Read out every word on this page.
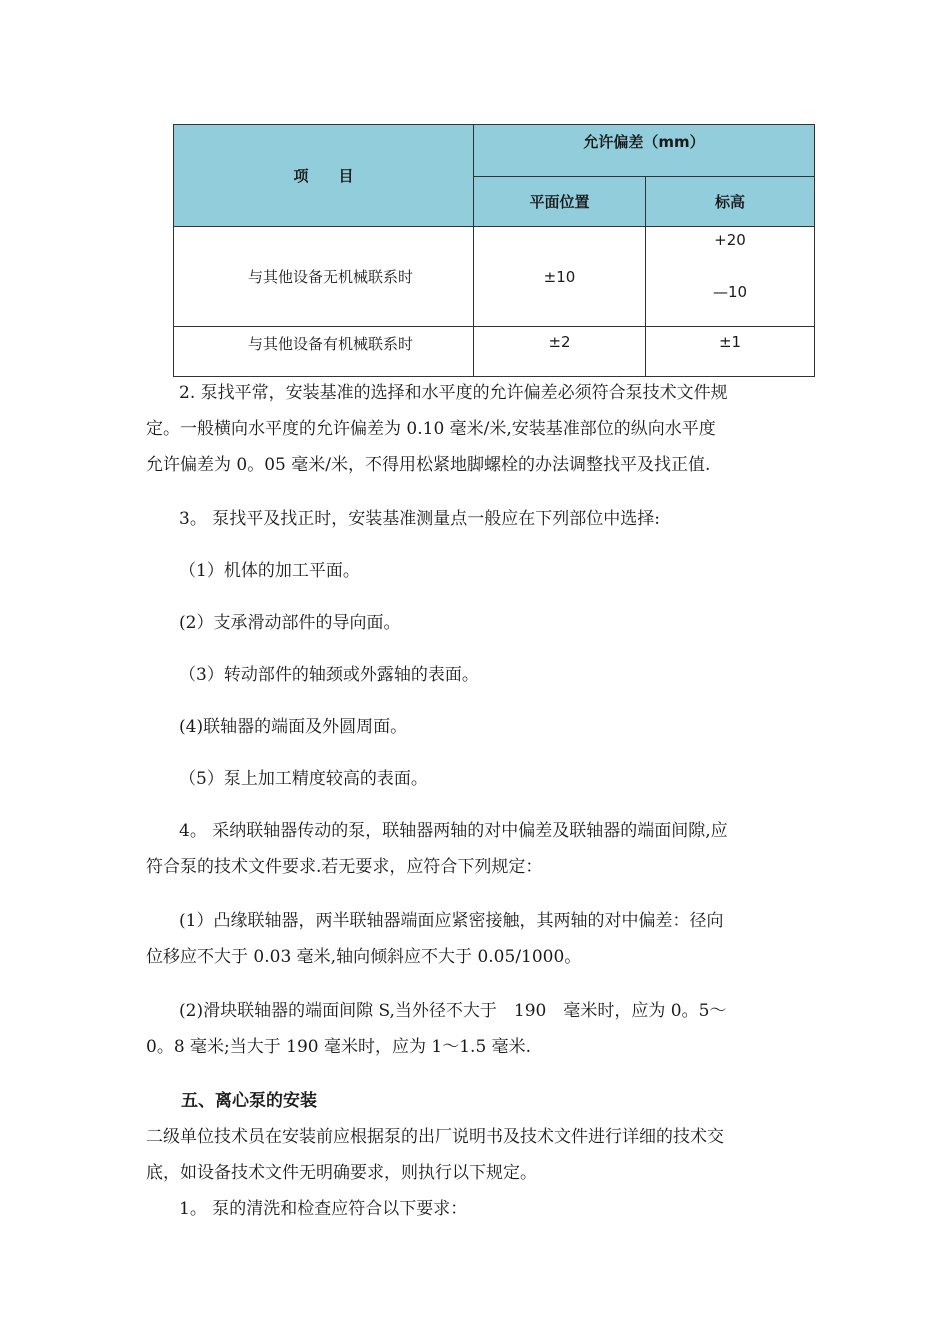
项　　目	允许偏差（mm）	
	平面位置	标高
与其他设备无机械联系时	±10	+20
—10

与其他设备有机械联系时	±2	±1

2. 泵找平常，安装基准的选择和水平度的允许偏差必须符合泵技术文件规

定。一般横向水平度的允许偏差为 0.10 毫米/米,安装基准部位的纵向水平度

允许偏差为 0。05 毫米/米，不得用松紧地脚螺栓的办法调整找平及找正值.

3。 泵找平及找正时，安装基准测量点一般应在下列部位中选择:

（1）机体的加工平面。

(2）支承滑动部件的导向面。

（3）转动部件的轴颈或外露轴的表面。

(4)联轴器的端面及外圆周面。

（5）泵上加工精度较高的表面。

4。 采纳联轴器传动的泵，联轴器两轴的对中偏差及联轴器的端面间隙,应

符合泵的技术文件要求.若无要求，应符合下列规定：

(1）凸缘联轴器，两半联轴器端面应紧密接触，其两轴的对中偏差：径向

位移应不大于 0.03 毫米,轴向倾斜应不大于 0.05/1000。

(2)滑块联轴器的端面间隙 S,当外径不大于　190　毫米时，应为 0。5～

0。8 毫米;当大于 190 毫米时，应为 1～1.5 毫米.

五、离心泵的安装

二级单位技术员在安装前应根据泵的出厂说明书及技术文件进行详细的技术交

底，如设备技术文件无明确要求，则执行以下规定。

1。 泵的清洗和检查应符合以下要求：
